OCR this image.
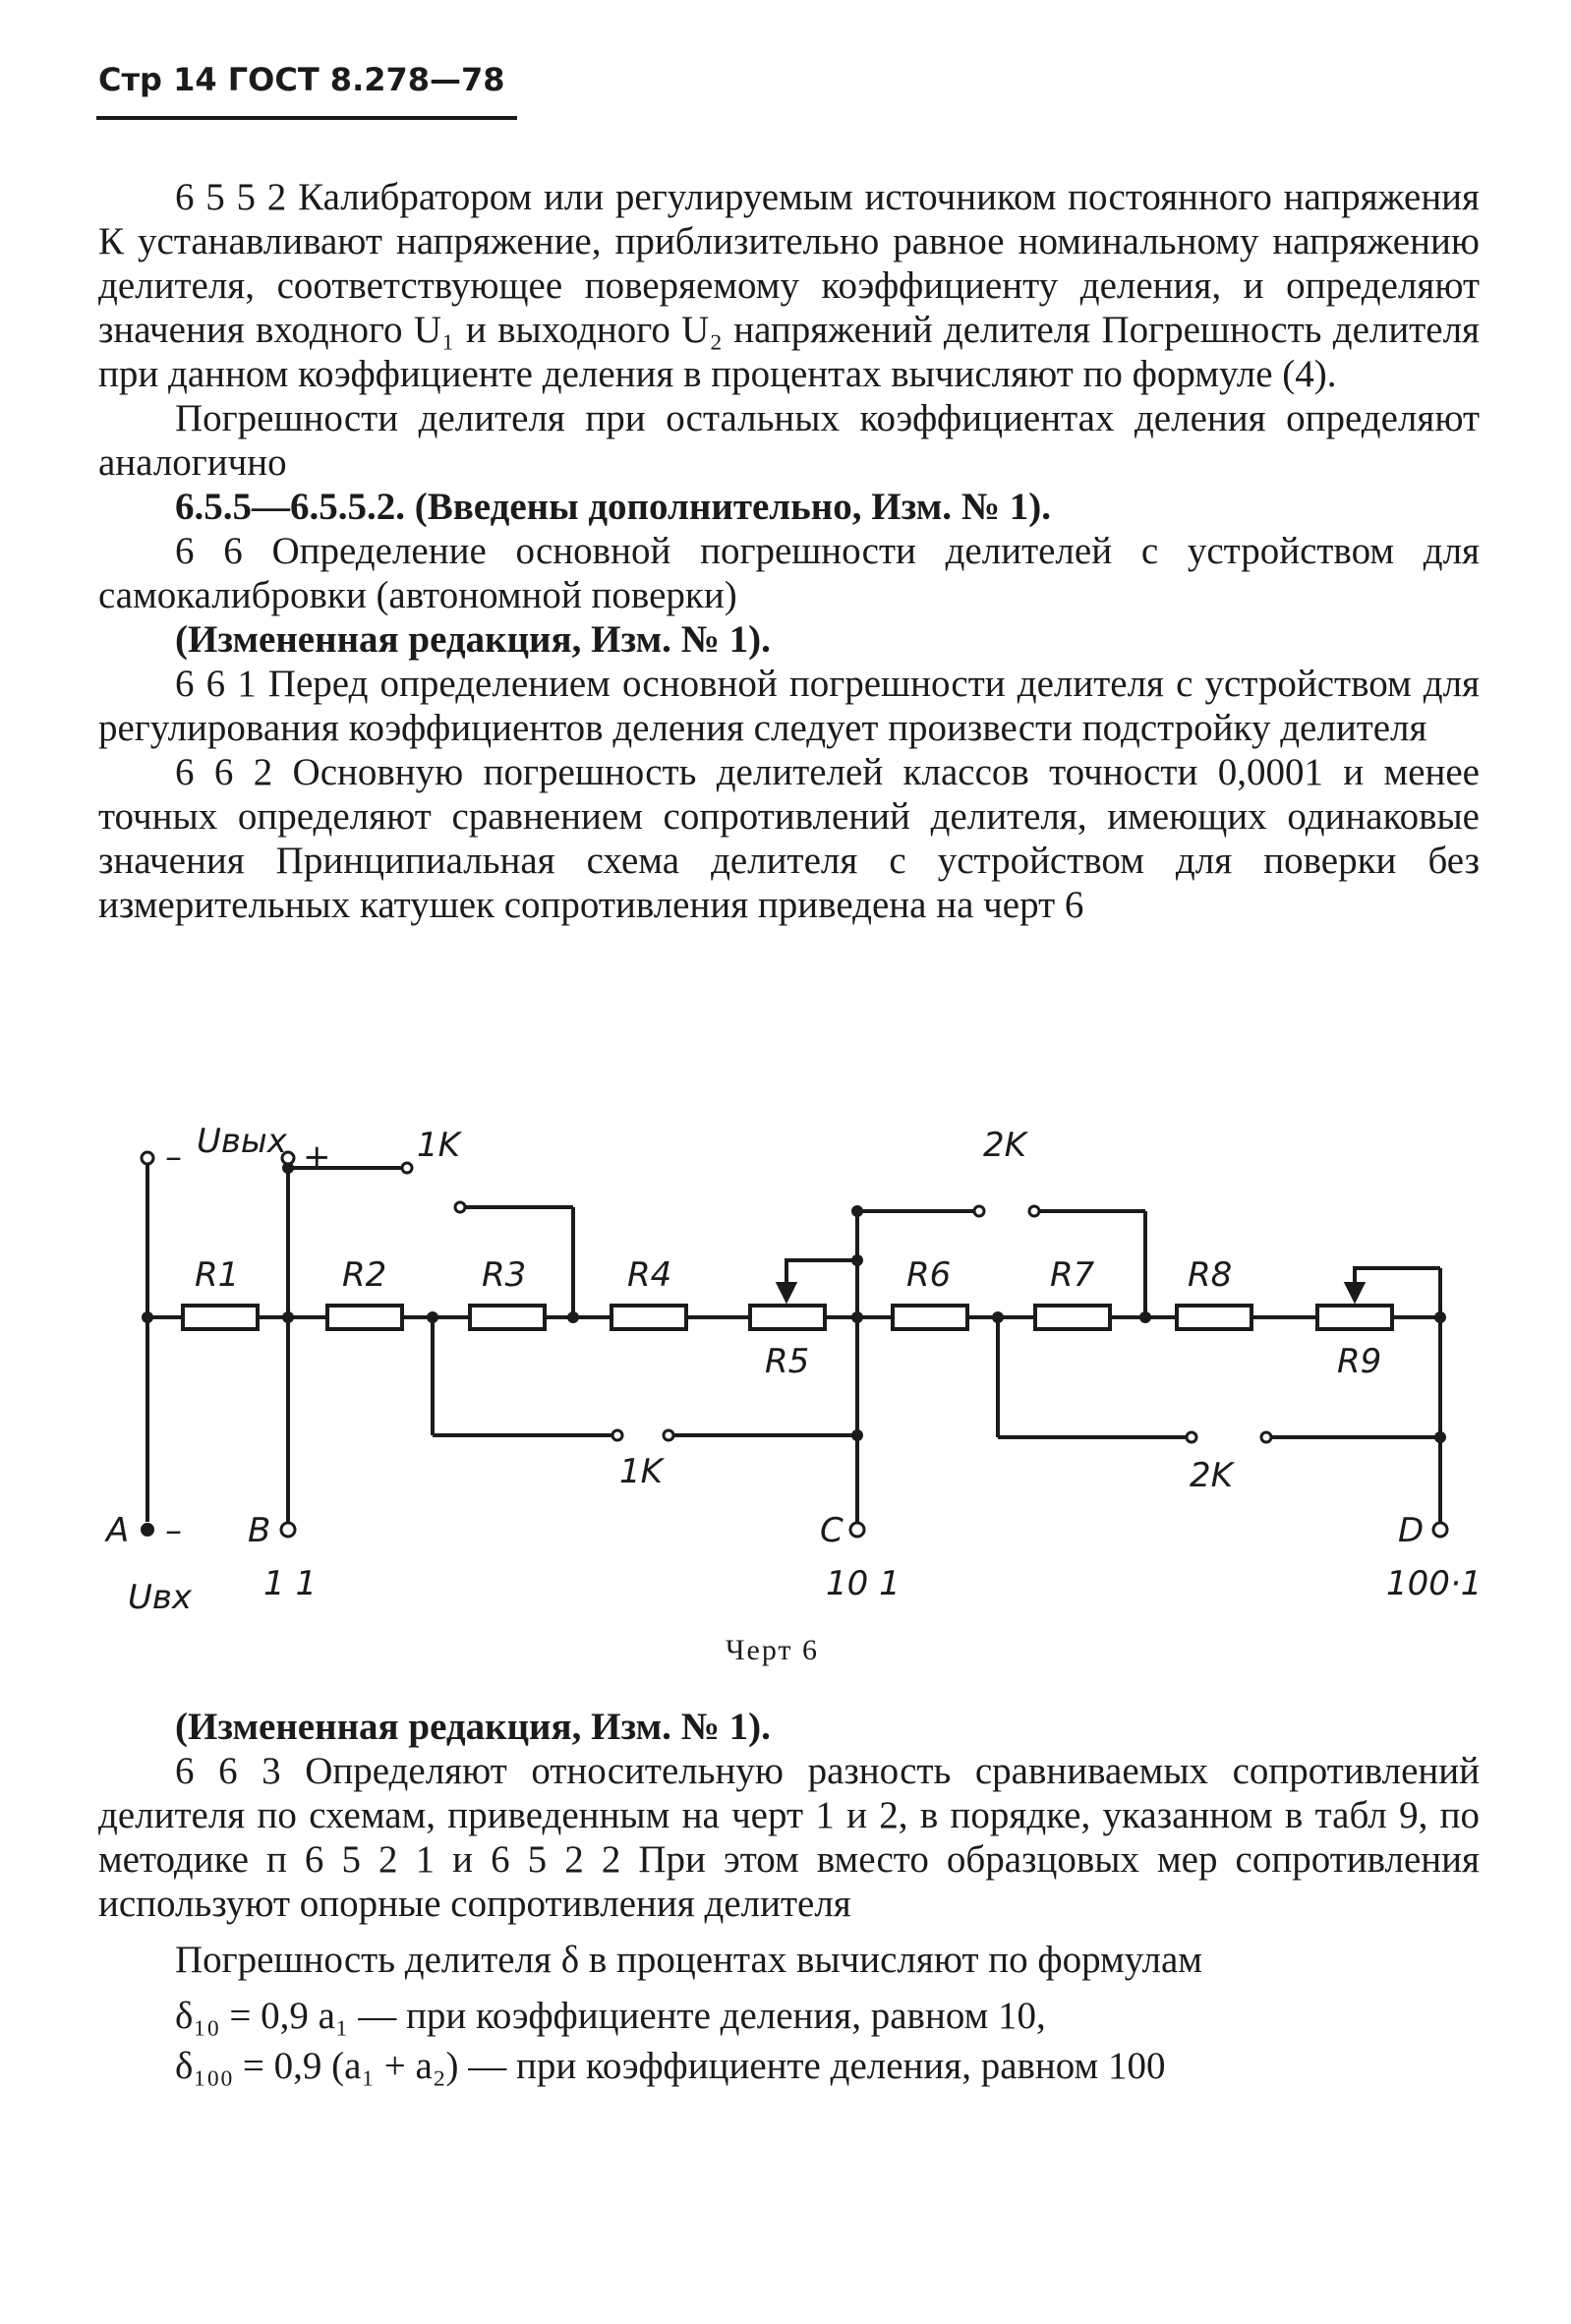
Стр 14 ГОСТ 8.278—78

6 5 5 2 Калибратором или регулируемым источником постоянного напряжения К устанавливают напряжение, приблизительно равное номинальному напряжению делителя, соответствующее поверяемому коэффициенту деления, и определяют значения входного U₁ и выходного U₂ напряжений делителя Погрешность делителя при данном коэффициенте деления в процентах вычисляют по формуле (4).

Погрешности делителя при остальных коэффициентах деления определяют аналогично

6.5.5—6.5.5.2. (Введены дополнительно, Изм. № 1).

6 6 Определение основной погрешности делителей с устройством для самокалибровки (автономной поверки)

(Измененная редакция, Изм. № 1).

6 6 1 Перед определением основной погрешности делителя с устройством для регулирования коэффициентов деления следует произвести подстройку делителя

6 6 2 Основную погрешность делителей классов точности 0,0001 и менее точных определяют сравнением сопротивлений делителя, имеющих одинаковые значения Принципиальная схема делителя с устройством для поверки без измерительных катушек сопротивления приведена на черт 6

– Uвых +	1K	2K
1K	2K
R1	R2	R3	R4
R5
R6	R7	R8
R9
A – B	C	D
Uвх 1 1	10 1	100·1
Черт 6

(Измененная редакция, Изм. № 1).

6 6 3 Определяют относительную разность сравниваемых сопротивлений делителя по схемам, приведенным на черт 1 и 2, в порядке, указанном в табл 9, по методике п 6 5 2 1 и 6 5 2 2 При этом вместо образцовых мер сопротивления используют опорные сопротивления делителя

Погрешность делителя δ в процентах вычисляют по формулам

δ₁₀ = 0,9 a₁ — при коэффициенте деления, равном 10,

δ₁₀₀ = 0,9 (a₁ + a₂) — при коэффициенте деления, равном 100
